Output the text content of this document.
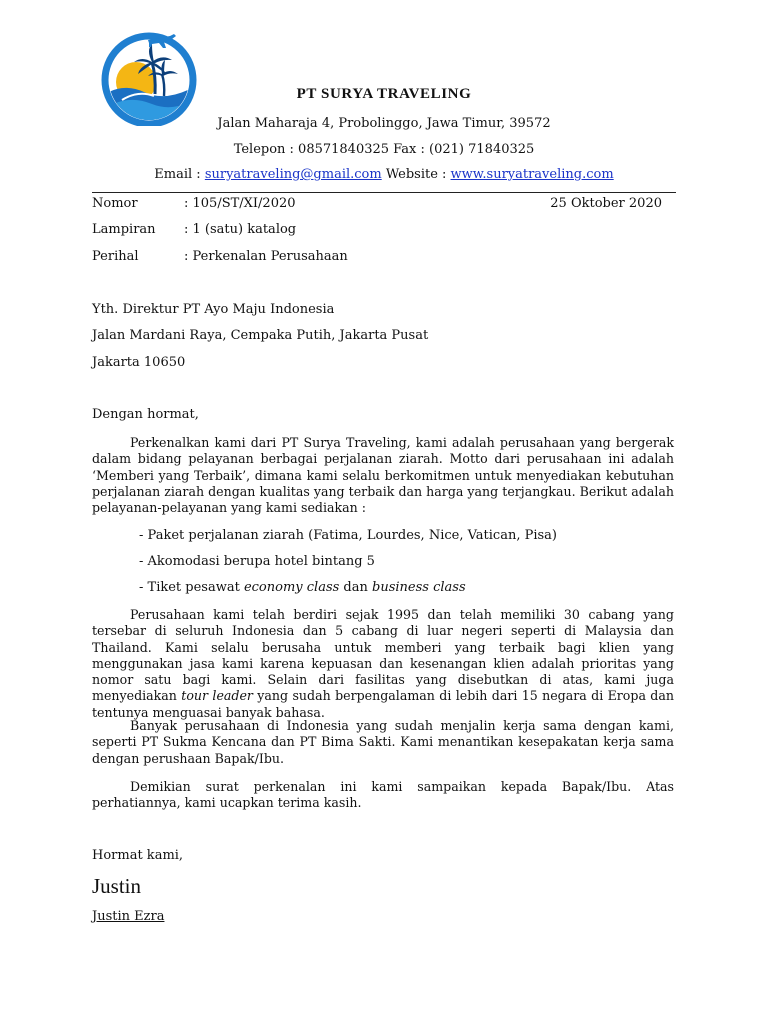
PT SURYA TRAVELING
Jalan Maharaja 4, Probolinggo, Jawa Timur, 39572
Telepon : 08571840325 Fax : (021) 71840325
Email : suryatraveling@gmail.com Website : www.suryatraveling.com
Nomor	: 105/ST/XI/2020	25 Oktober 2020
Lampiran : 1 (satu) katalog
Perihal	: Perkenalan Perusahaan
Yth. Direktur PT Ayo Maju Indonesia
Jalan Mardani Raya, Cempaka Putih, Jakarta Pusat
Jakarta 10650
Dengan hormat,
Perkenalkan kami dari PT Surya Traveling, kami adalah perusahaan yang bergerak dalam bidang pelayanan berbagai perjalanan ziarah. Motto dari perusahaan ini adalah ‘Memberi yang Terbaik’, dimana kami selalu berkomitmen untuk menyediakan kebutuhan perjalanan ziarah dengan kualitas yang terbaik dan harga yang terjangkau. Berikut adalah pelayanan-pelayanan yang kami sediakan :
- Paket perjalanan ziarah (Fatima, Lourdes, Nice, Vatican, Pisa)
- Akomodasi berupa hotel bintang 5
- Tiket pesawat economy class dan business class
Perusahaan kami telah berdiri sejak 1995 dan telah memiliki 30 cabang yang tersebar di seluruh Indonesia dan 5 cabang di luar negeri seperti di Malaysia dan Thailand. Kami selalu berusaha untuk memberi yang terbaik bagi klien yang menggunakan jasa kami karena kepuasan dan kesenangan klien adalah prioritas yang nomor satu bagi kami. Selain dari fasilitas yang disebutkan di atas, kami juga menyediakan tour leader yang sudah berpengalaman di lebih dari 15 negara di Eropa dan tentunya menguasai banyak bahasa.
Banyak perusahaan di Indonesia yang sudah menjalin kerja sama dengan kami, seperti PT Sukma Kencana dan PT Bima Sakti. Kami menantikan kesepakatan kerja sama dengan perushaan Bapak/Ibu.
Demikian surat perkenalan ini kami sampaikan kepada Bapak/Ibu. Atas perhatiannya, kami ucapkan terima kasih.
Hormat kami,
Justin
Justin Ezra
